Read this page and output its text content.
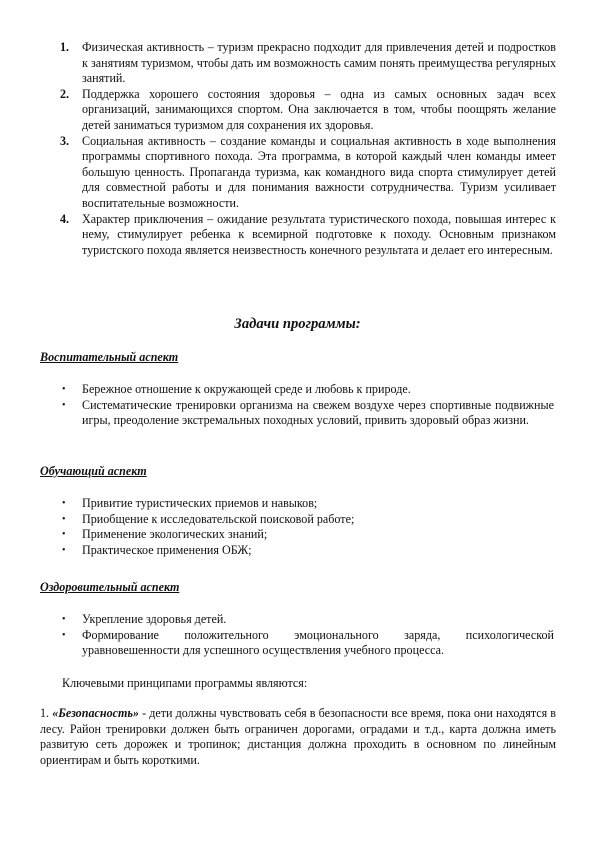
1. Физическая активность – туризм прекрасно подходит для привлечения детей и подростков к занятиям туризмом, чтобы дать им возможность самим понять преимущества регулярных занятий.
2. Поддержка хорошего состояния здоровья – одна из самых основных задач всех организаций, занимающихся спортом. Она заключается в том, чтобы поощрять желание детей заниматься туризмом для сохранения их здоровья.
3. Социальная активность – создание команды и социальная активность в ходе выполнения программы спортивного похода. Эта программа, в которой каждый член команды имеет большую ценность. Пропаганда туризма, как командного вида спорта стимулирует детей для совместной работы и для понимания важности сотрудничества. Туризм усиливает воспитательные возможности.
4. Характер приключения – ожидание результата туристического похода, повышая интерес к нему, стимулирует ребенка к всемирной подготовке к походу. Основным признаком туристского похода является неизвестность конечного результата и делает его интересным.
Задачи программы:
Воспитательный аспект
• Бережное отношение к окружающей среде и любовь к природе.
• Систематические тренировки организма на свежем воздухе через спортивные подвижные игры, преодоление экстремальных походных условий, привить здоровый образ жизни.
Обучающий аспект
• Привитие туристических приемов и навыков;
• Приобщение к исследовательской поисковой работе;
• Применение экологических знаний;
• Практическое применения ОБЖ;
Оздоровительный аспект
• Укрепление здоровья детей.
• Формирование положительного эмоционального заряда, психологической уравновешенности для успешного осуществления учебного процесса.
Ключевыми принципами программы являются:
1. «Безопасность» - дети должны чувствовать себя в безопасности все время, пока они находятся в лесу. Район тренировки должен быть ограничен дорогами, оградами и т.д., карта должна иметь развитую сеть дорожек и тропинок; дистанция должна проходить в основном по линейным ориентирам и быть короткими.
